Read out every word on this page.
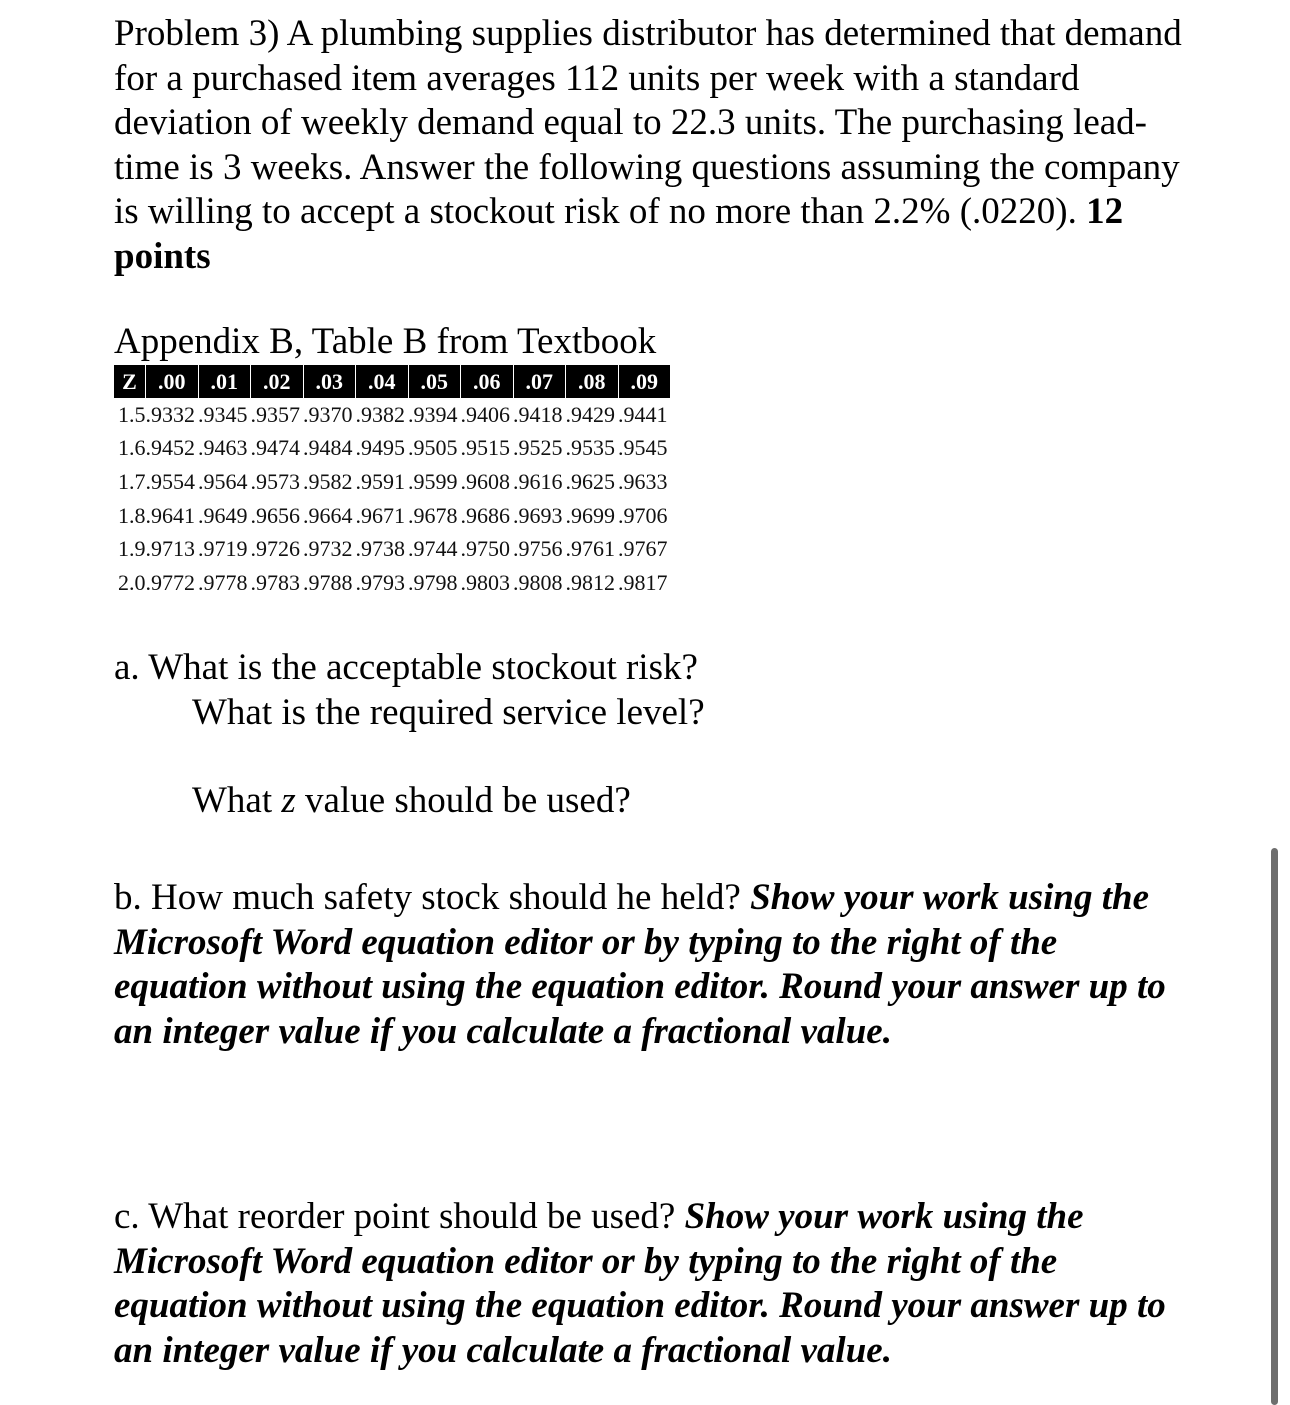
Problem 3) A plumbing supplies distributor has determined that demand for a purchased item averages 112 units per week with a standard deviation of weekly demand equal to 22.3 units. The purchasing lead-time is 3 weeks. Answer the following questions assuming the company is willing to accept a stockout risk of no more than 2.2% (.0220). 12 points

Appendix B, Table B from Textbook

Z	.00	.01	.02	.03	.04	.05	.06	.07	.08	.09
1.5	.9332	.9345	.9357	.9370	.9382	.9394	.9406	.9418	.9429	.9441
1.6	.9452	.9463	.9474	.9484	.9495	.9505	.9515	.9525	.9535	.9545
1.7	.9554	.9564	.9573	.9582	.9591	.9599	.9608	.9616	.9625	.9633
1.8	.9641	.9649	.9656	.9664	.9671	.9678	.9686	.9693	.9699	.9706
1.9	.9713	.9719	.9726	.9732	.9738	.9744	.9750	.9756	.9761	.9767
2.0	.9772	.9778	.9783	.9788	.9793	.9798	.9803	.9808	.9812	.9817

a. What is the acceptable stockout risk?

What is the required service level?

What z value should be used?

b. How much safety stock should he held? Show your work using the Microsoft Word equation editor or by typing to the right of the equation without using the equation editor. Round your answer up to an integer value if you calculate a fractional value.

c. What reorder point should be used? Show your work using the Microsoft Word equation editor or by typing to the right of the equation without using the equation editor. Round your answer up to an integer value if you calculate a fractional value.
